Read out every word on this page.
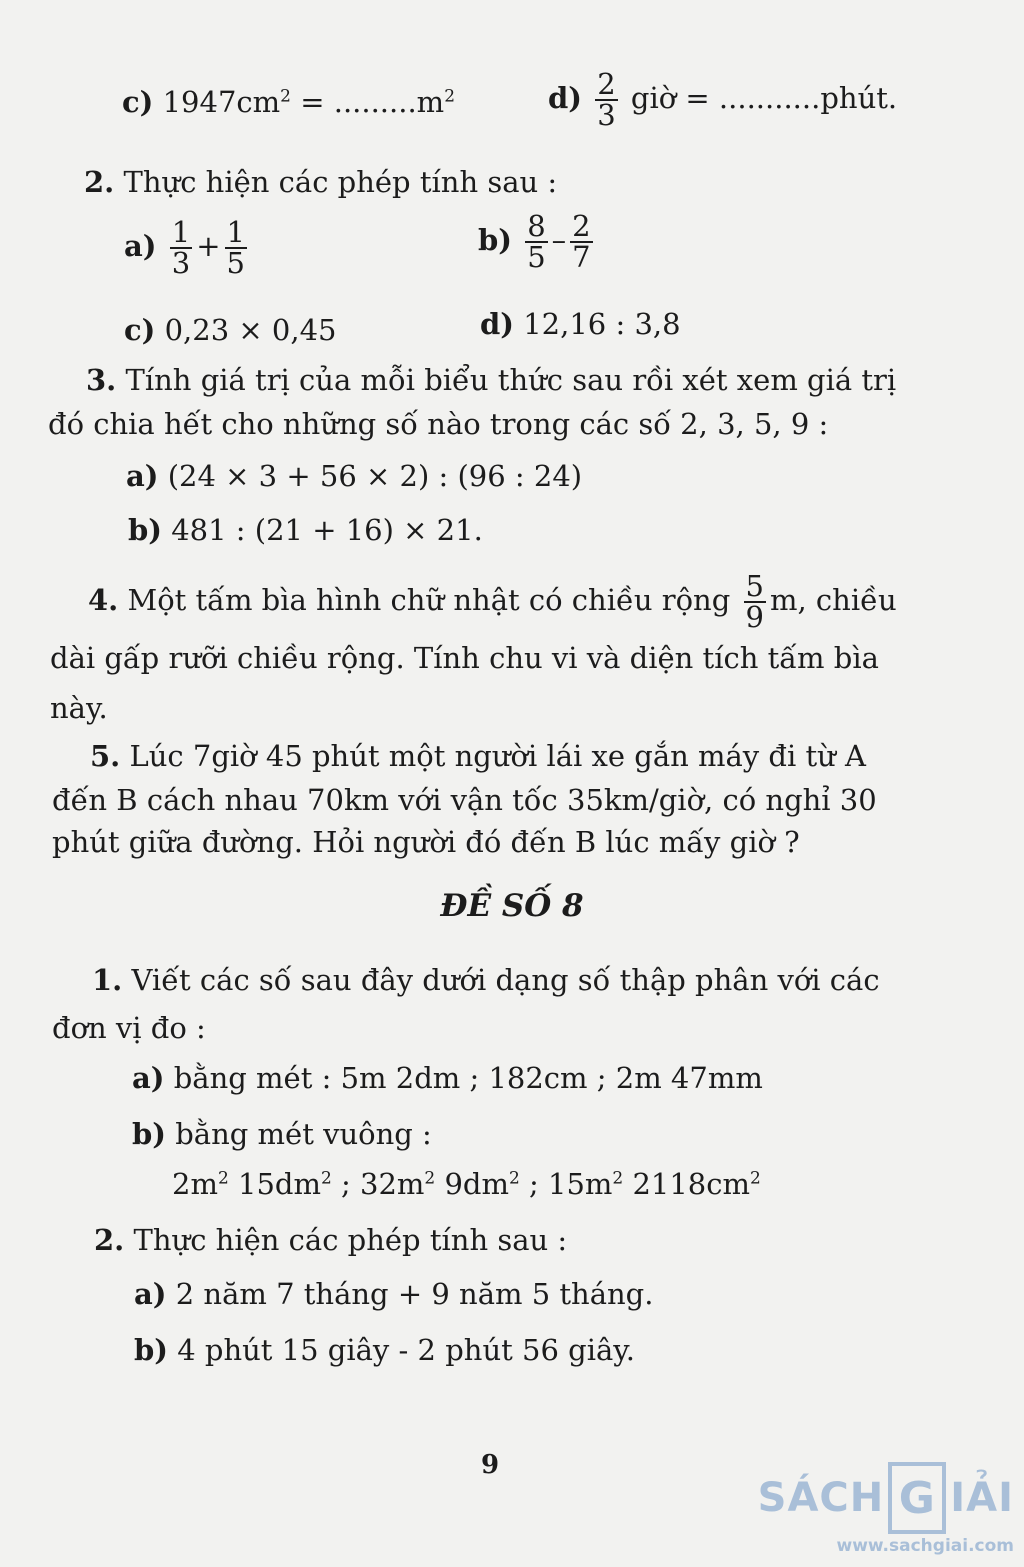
c) $1947cm^2 = .........m^2$	$d) \frac{2}{3}$ giờ = ...........phút.
2. Thực hiện các phép tính sau :
$a) \frac{1}{3} + \frac{1}{5}$	$b) \frac{8}{5} - \frac{2}{7}$
c) 0,23 × 0,45	d) 12,16 : 3,8
3. Tính giá trị của mỗi biểu thức sau rồi xét xem giá trị
đó chia hết cho những số nào trong các số 2, 3, 5, 9 :
a) (24 × 3 + 56 × 2) : (96 : 24)
b) 481 : (21 + 16) × 21.
4. Một tấm bìa hình chữ nhật có chiều rộng $\frac{5}{9} m$, chiều
dài gấp rưỡi chiều rộng. Tính chu vi và diện tích tấm bìa
này.
5. Lúc 7giờ 45 phút một người lái xe gắn máy đi từ A
đến B cách nhau 70km với vận tốc 35km/giờ, có nghỉ 30
phút giữa đường. Hỏi người đó đến B lúc mấy giờ ?
ĐỀ SỐ 8
1. Viết các số sau đây dưới dạng số thập phân với các
đơn vị đo :
a) bằng mét : 5m 2dm ; 182cm ; 2m 47mm
b) bằng mét vuông :
$2m^2$ $15dm^2$ ; $32m^2$ $9dm^2$ ; $15m^2$ $2118cm^2$
2. Thực hiện các phép tính sau :
a) 2 năm 7 tháng + 9 năm 5 tháng.
b) 4 phút 15 giây - 2 phút 56 giây.
9
SÁCH G IẢI
www.sachgiai.com
